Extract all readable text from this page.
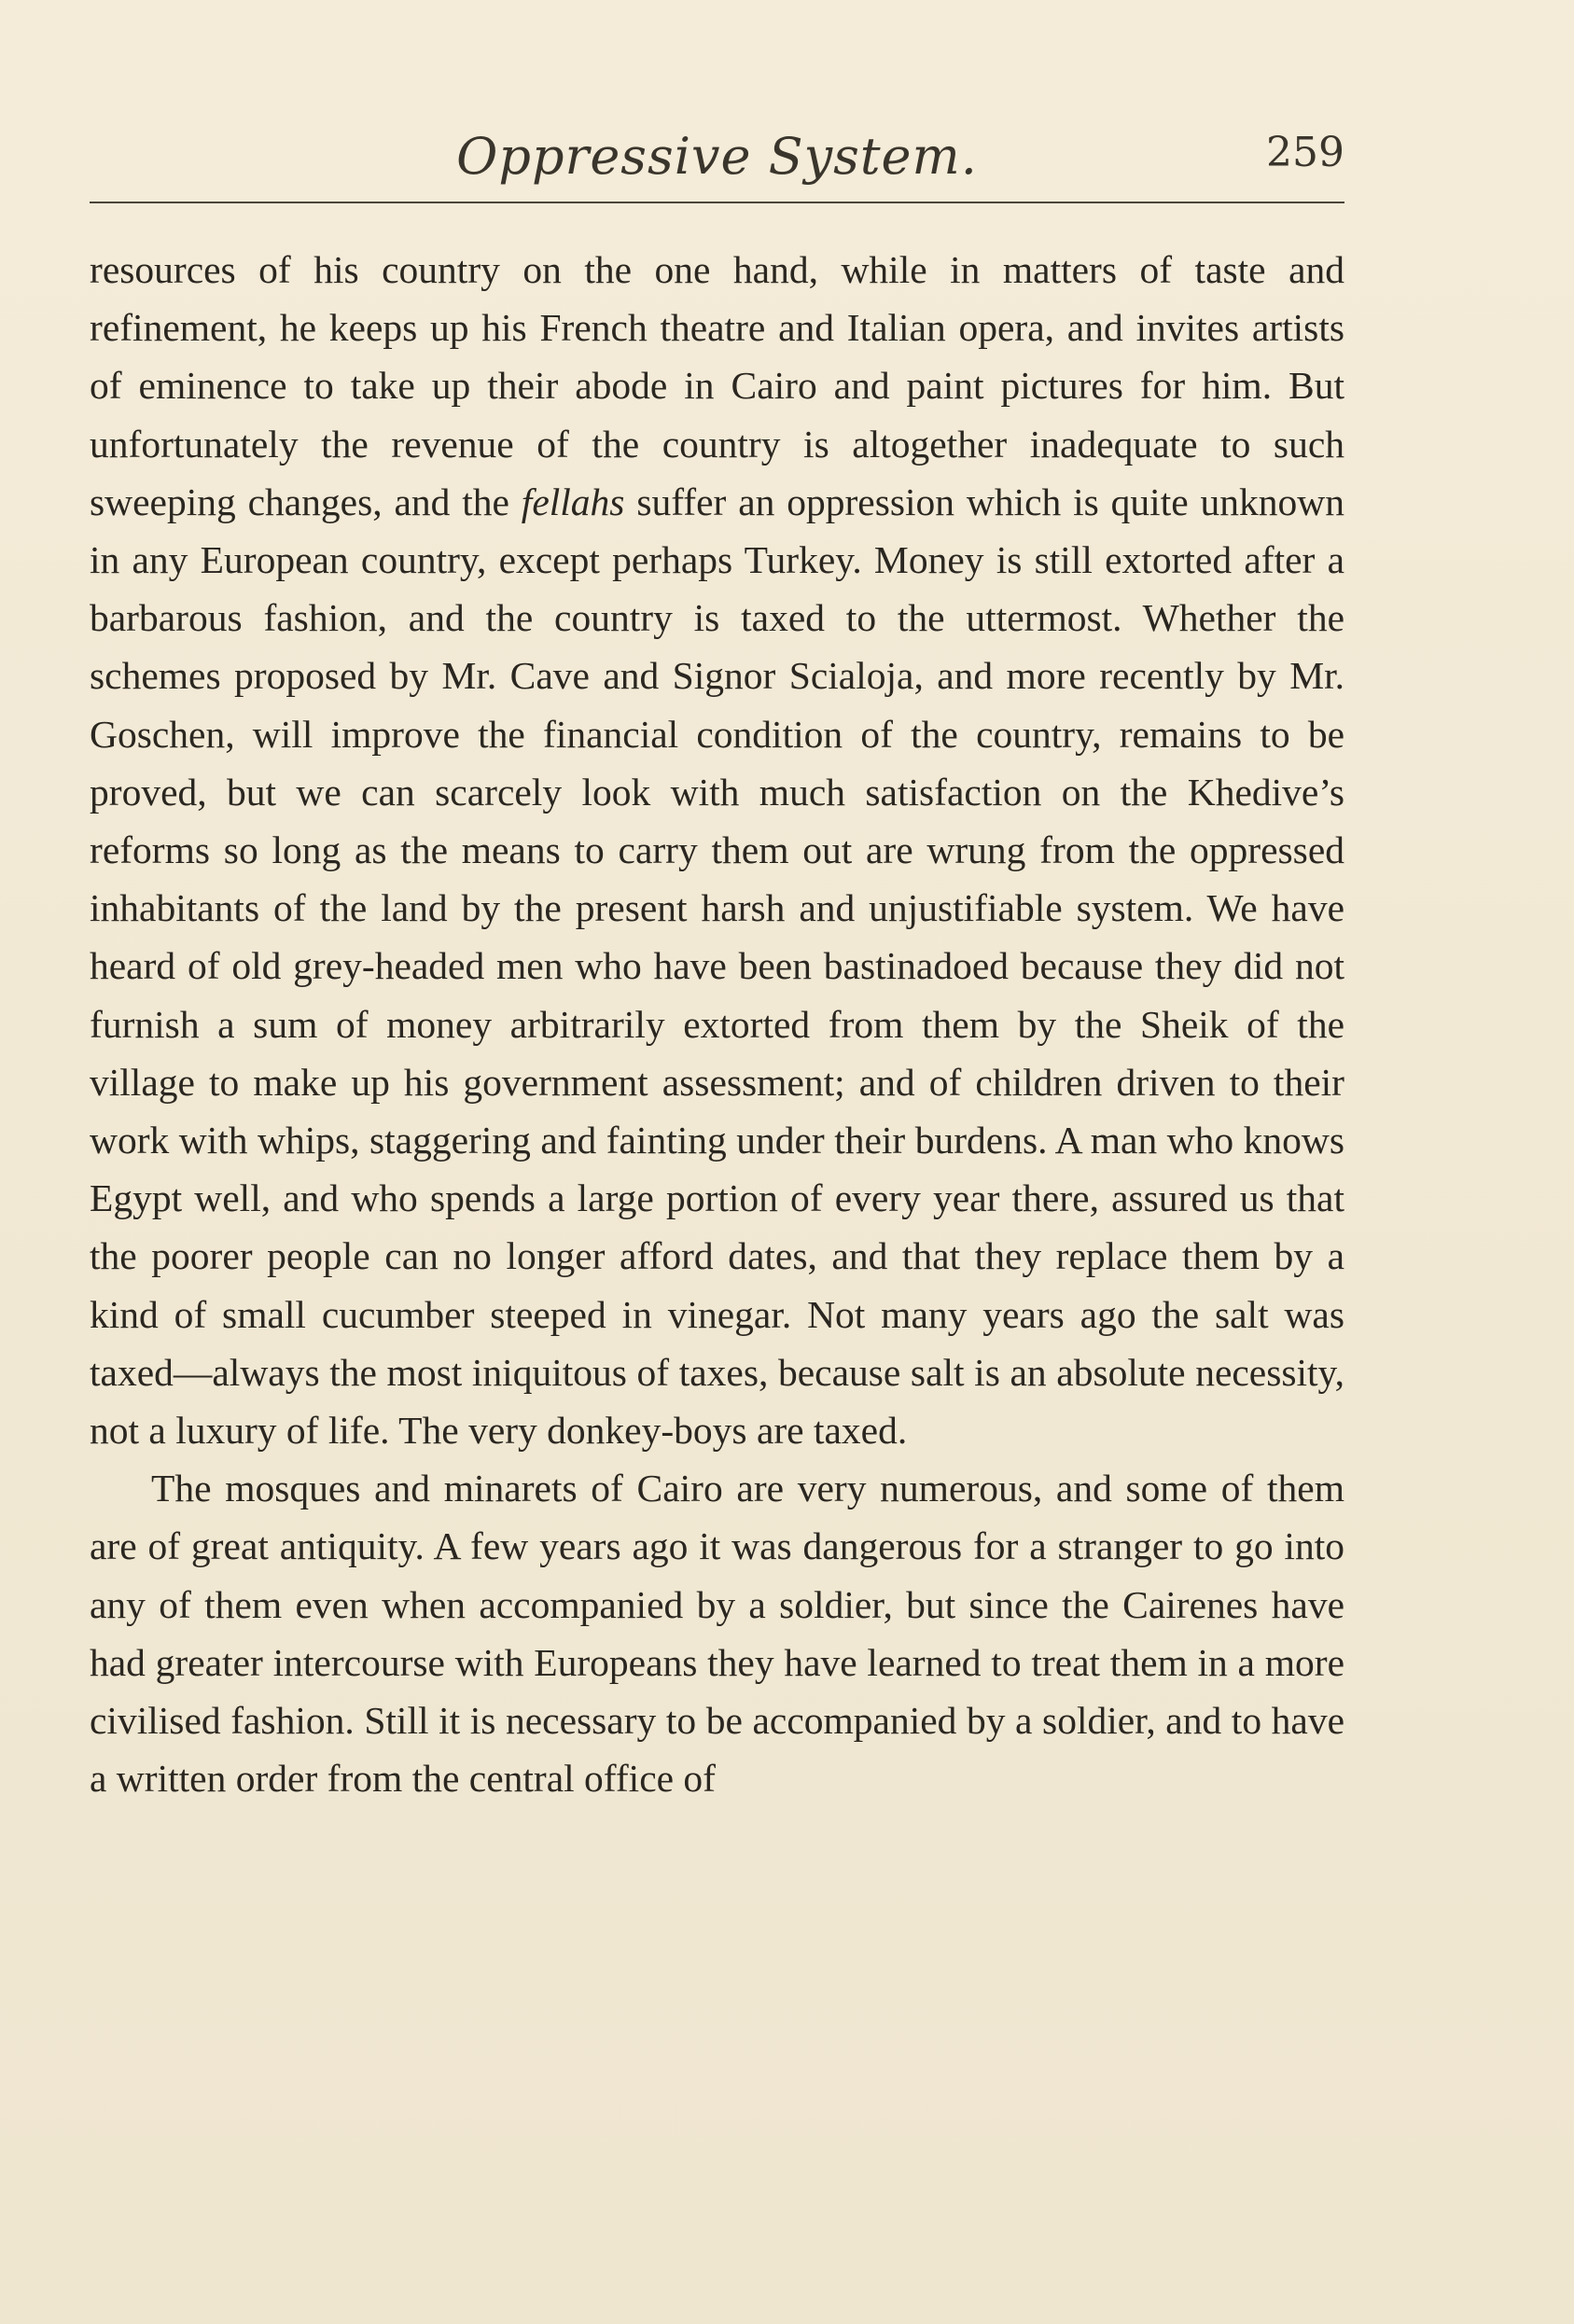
Oppressive System.	259

resources of his country on the one hand, while in matters of taste and refinement, he keeps up his French theatre and Italian opera, and invites artists of eminence to take up their abode in Cairo and paint pictures for him. But unfortunately the revenue of the country is altogether inadequate to such sweeping changes, and the fellahs suffer an oppression which is quite unknown in any European country, except perhaps Turkey. Money is still extorted after a barbarous fashion, and the country is taxed to the uttermost. Whether the schemes proposed by Mr. Cave and Signor Scialoja, and more recently by Mr. Goschen, will improve the financial condition of the country, remains to be proved, but we can scarcely look with much satisfaction on the Khedive’s reforms so long as the means to carry them out are wrung from the oppressed inhabitants of the land by the present harsh and unjustifiable system. We have heard of old grey-headed men who have been bastinadoed because they did not furnish a sum of money arbitrarily extorted from them by the Sheik of the village to make up his government assessment; and of children driven to their work with whips, staggering and fainting under their burdens. A man who knows Egypt well, and who spends a large portion of every year there, assured us that the poorer people can no longer afford dates, and that they replace them by a kind of small cucumber steeped in vinegar. Not many years ago the salt was taxed—always the most iniquitous of taxes, because salt is an absolute necessity, not a luxury of life. The very donkey-boys are taxed.

The mosques and minarets of Cairo are very numerous, and some of them are of great antiquity. A few years ago it was dangerous for a stranger to go into any of them even when accompanied by a soldier, but since the Cairenes have had greater intercourse with Europeans they have learned to treat them in a more civilised fashion. Still it is necessary to be accompanied by a soldier, and to have a written order from the central office of
